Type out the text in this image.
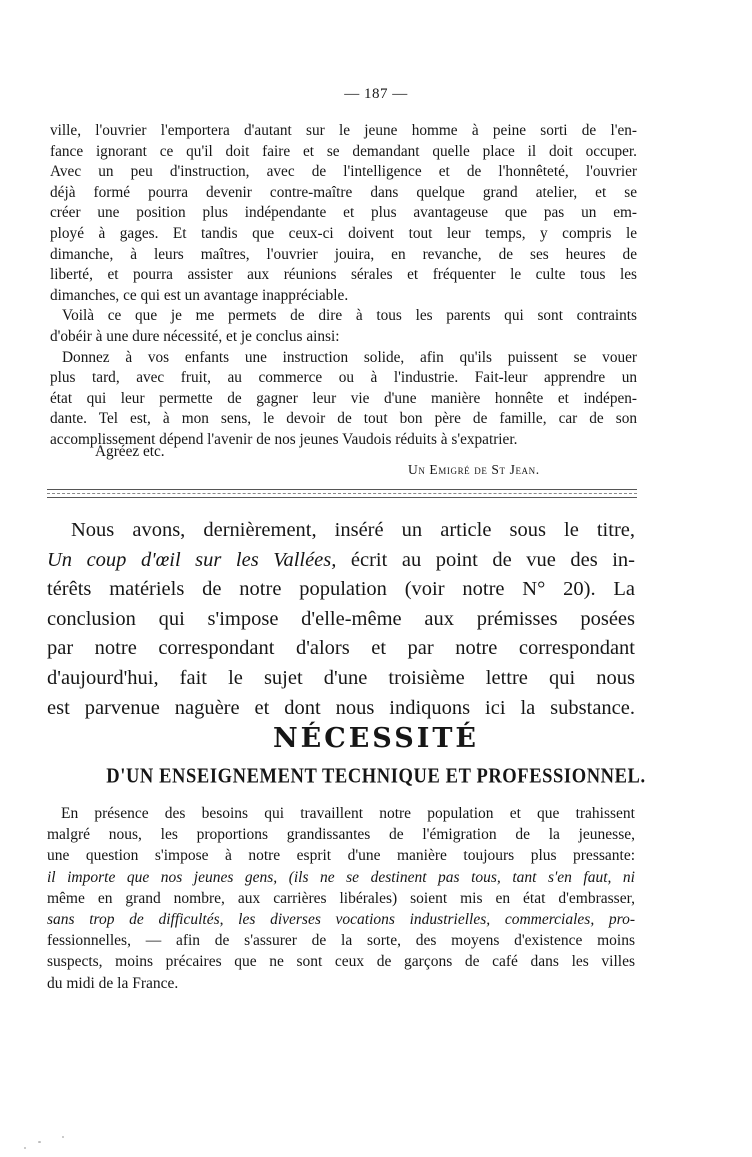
— 187 —
ville, l'ouvrier l'emportera d'autant sur le jeune homme à peine sorti de l'en-
fance ignorant ce qu'il doit faire et se demandant quelle place il doit occuper.
Avec un peu d'instruction, avec de l'intelligence et de l'honnêteté, l'ouvrier
déjà formé pourra devenir contre-maître dans quelque grand atelier, et se
créer une position plus indépendante et plus avantageuse que pas un em-
ployé à gages. Et tandis que ceux-ci doivent tout leur temps, y compris le
dimanche, à leurs maîtres, l'ouvrier jouira, en revanche, de ses heures de
liberté, et pourra assister aux réunions sérales et fréquenter le culte tous les
dimanches, ce qui est un avantage inappréciable.
Voilà ce que je me permets de dire à tous les parents qui sont contraints
d'obéir à une dure nécessité, et je conclus ainsi:
Donnez à vos enfants une instruction solide, afin qu'ils puissent se vouer
plus tard, avec fruit, au commerce ou à l'industrie. Fait-leur apprendre un
état qui leur permette de gagner leur vie d'une manière honnête et indépen-
dante. Tel est, à mon sens, le devoir de tout bon père de famille, car de son
accomplissement dépend l'avenir de nos jeunes Vaudois réduits à s'expatrier.
Agréez etc.
Un Emigré de St Jean.
Nous avons, dernièrement, inséré un article sous le titre,
Un coup d'œil sur les Vallées, écrit au point de vue des in-
térêts matériels de notre population (voir notre N° 20). La
conclusion qui s'impose d'elle-même aux prémisses posées
par notre correspondant d'alors et par notre correspondant
d'aujourd'hui, fait le sujet d'une troisième lettre qui nous
est parvenue naguère et dont nous indiquons ici la substance.
NÉCESSITÉ
D'UN ENSEIGNEMENT TECHNIQUE ET PROFESSIONNEL.
En présence des besoins qui travaillent notre population et que trahissent
malgré nous, les proportions grandissantes de l'émigration de la jeunesse,
une question s'impose à notre esprit d'une manière toujours plus pressante:
il importe que nos jeunes gens, (ils ne se destinent pas tous, tant s'en faut, ni
même en grand nombre, aux carrières libérales) soient mis en état d'embrasser,
sans trop de difficultés, les diverses vocations industrielles, commerciales, pro-
fessionnelles, — afin de s'assurer de la sorte, des moyens d'existence moins
suspects, moins précaires que ne sont ceux de garçons de café dans les villes
du midi de la France.
